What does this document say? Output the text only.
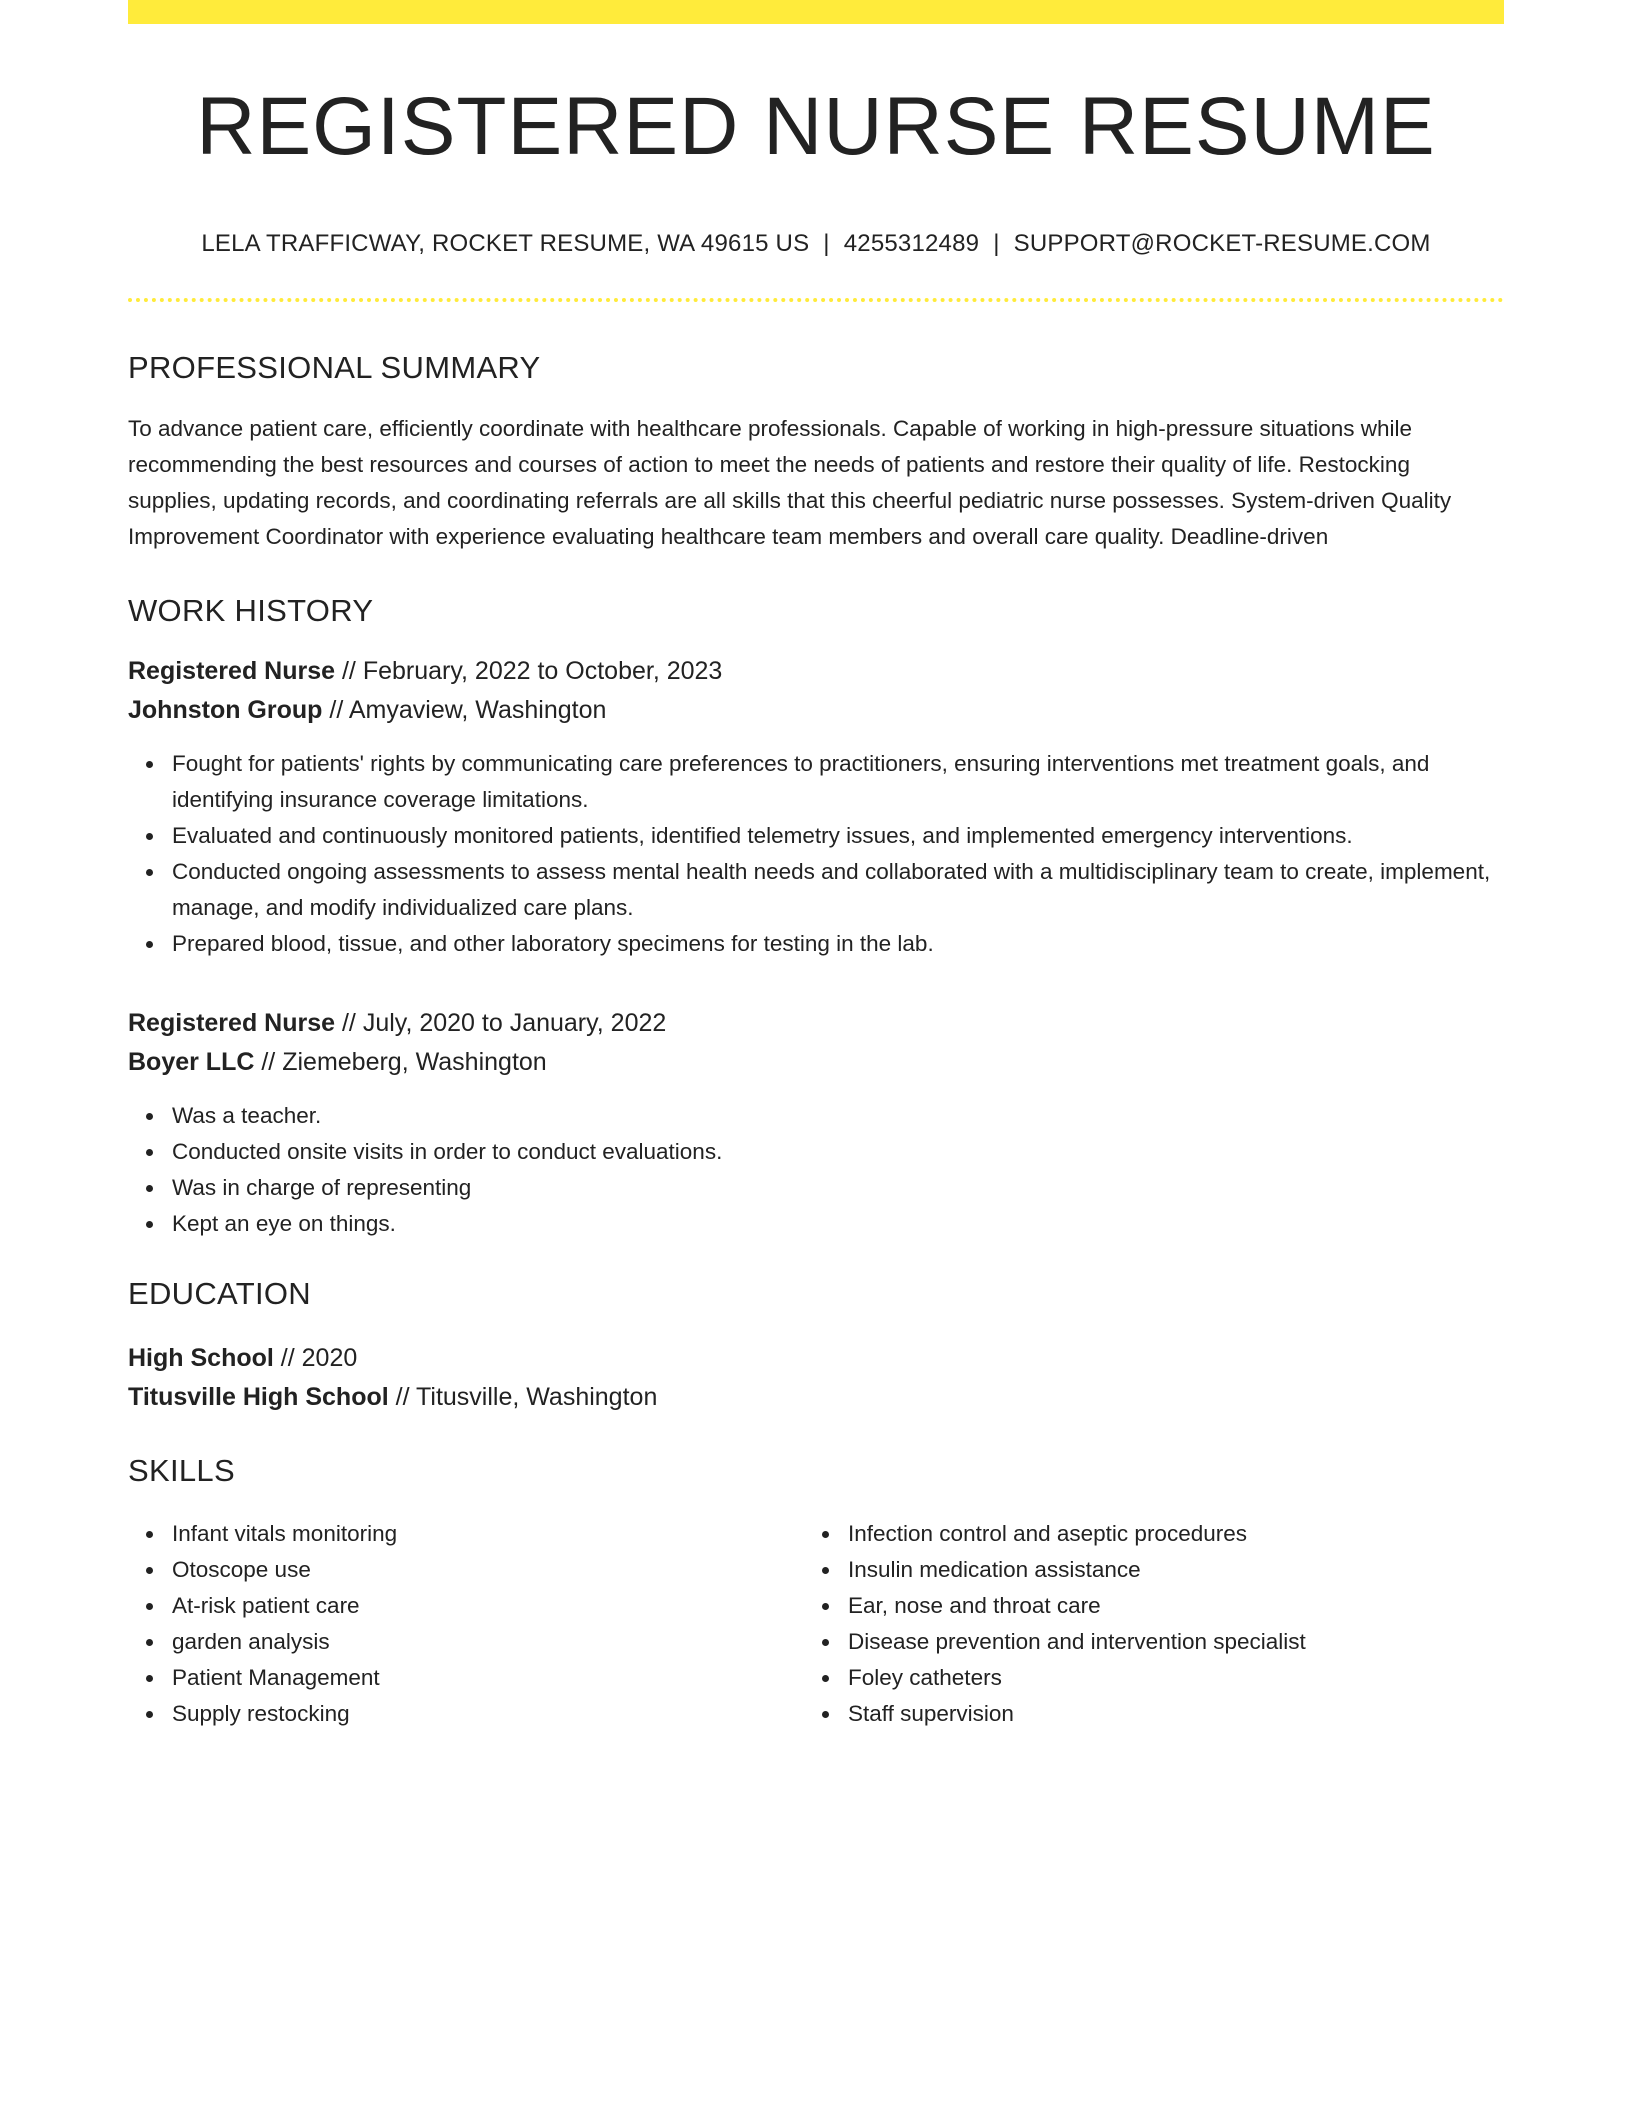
REGISTERED NURSE RESUME
LELA TRAFFICWAY, ROCKET RESUME, WA 49615 US | 4255312489 | SUPPORT@ROCKET-RESUME.COM
PROFESSIONAL SUMMARY

To advance patient care, efficiently coordinate with healthcare professionals. Capable of working in high-pressure situations while recommending the best resources and courses of action to meet the needs of patients and restore their quality of life. Restocking supplies, updating records, and coordinating referrals are all skills that this cheerful pediatric nurse possesses. System-driven Quality Improvement Coordinator with experience evaluating healthcare team members and overall care quality. Deadline-driven

WORK HISTORY
Registered Nurse // February, 2022 to October, 2023
Johnston Group // Amyaview, Washington
Fought for patients' rights by communicating care preferences to practitioners, ensuring interventions met treatment goals, and identifying insurance coverage limitations.
Evaluated and continuously monitored patients, identified telemetry issues, and implemented emergency interventions.
Conducted ongoing assessments to assess mental health needs and collaborated with a multidisciplinary team to create, implement, manage, and modify individualized care plans.
Prepared blood, tissue, and other laboratory specimens for testing in the lab.
Registered Nurse // July, 2020 to January, 2022
Boyer LLC // Ziemeberg, Washington
Was a teacher.
Conducted onsite visits in order to conduct evaluations.
Was in charge of representing
Kept an eye on things.
EDUCATION
High School // 2020
Titusville High School // Titusville, Washington
SKILLS
Infant vitals monitoring
Otoscope use
At-risk patient care
garden analysis
Patient Management
Supply restocking
Infection control and aseptic procedures
Insulin medication assistance
Ear, nose and throat care
Disease prevention and intervention specialist
Foley catheters
Staff supervision
